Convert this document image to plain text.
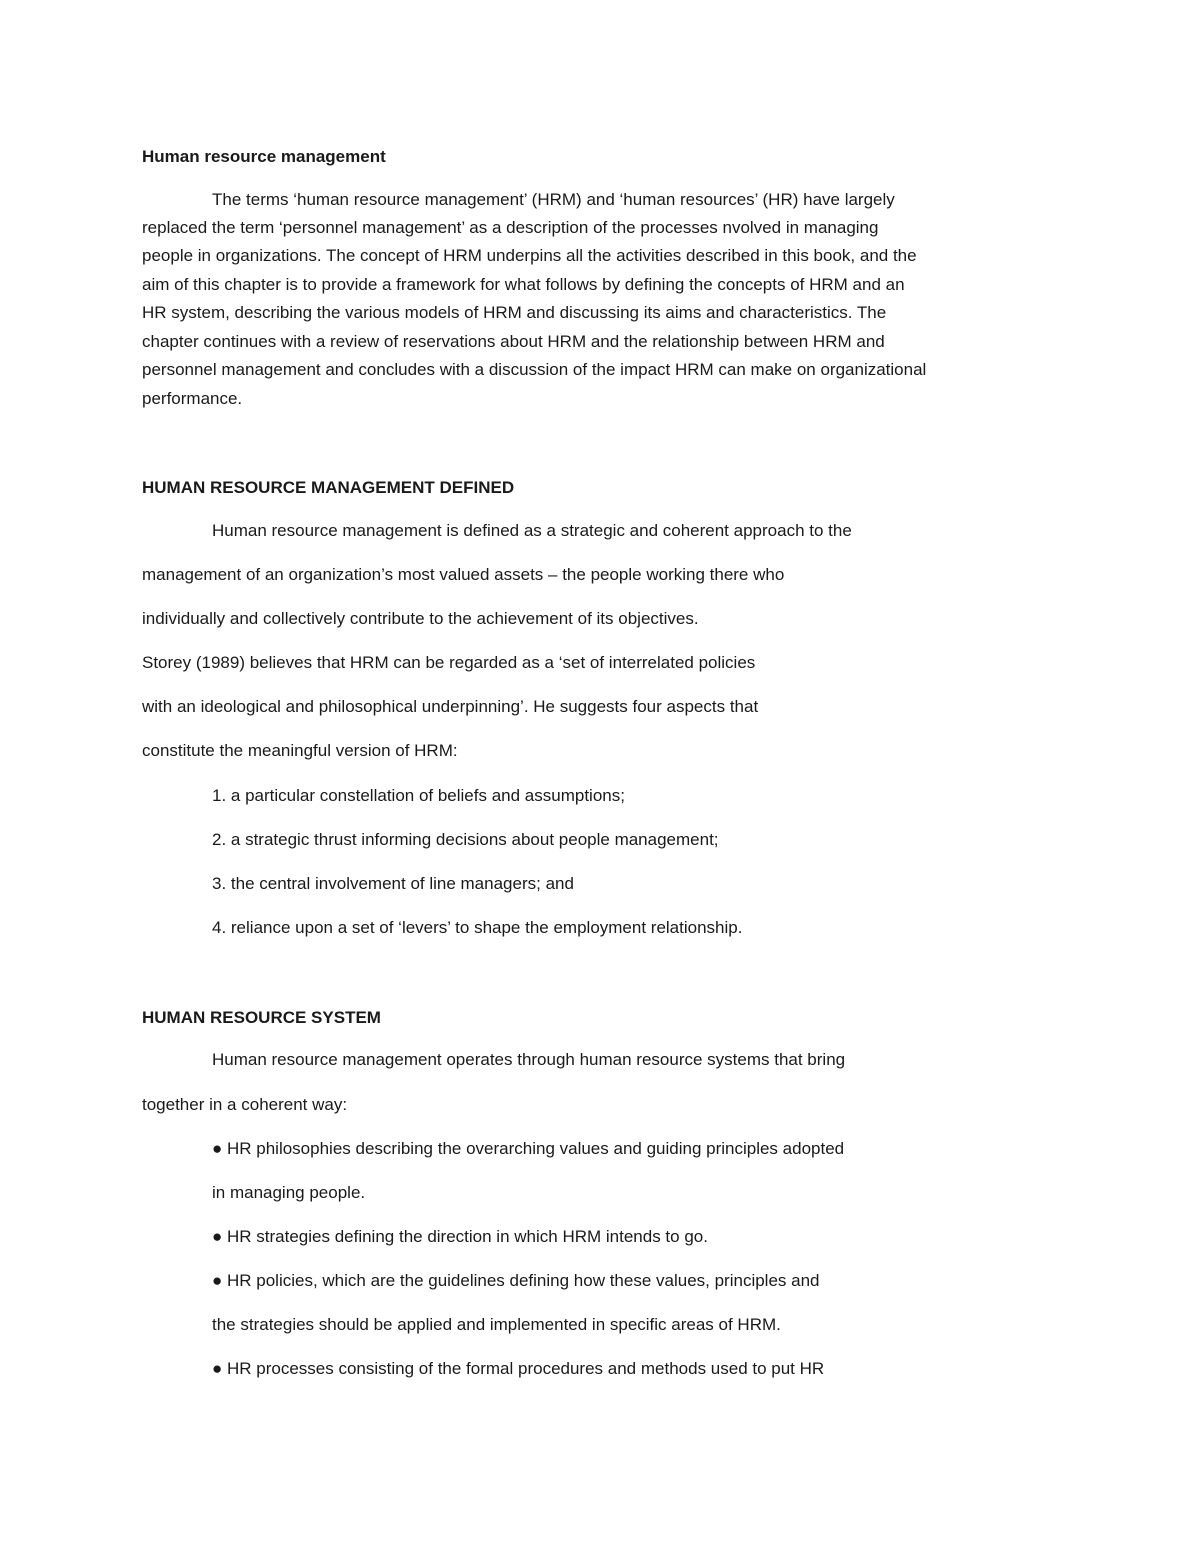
Human resource management
The terms ‘human resource management’ (HRM) and ‘human resources’ (HR) have largely
replaced the term ‘personnel management’ as a description of the processes nvolved in managing
people in organizations. The concept of HRM underpins all the activities described in this book, and the
aim of this chapter is to provide a framework for what follows by defining the concepts of HRM and an
HR system, describing the various models of HRM and discussing its aims and characteristics. The
chapter continues with a review of reservations about HRM and the relationship between HRM and
personnel management and concludes with a discussion of the impact HRM can make on organizational
performance.
HUMAN RESOURCE MANAGEMENT DEFINED
Human resource management is defined as a strategic and coherent approach to the
management of an organization’s most valued assets – the people working there who
individually and collectively contribute to the achievement of its objectives.
Storey (1989) believes that HRM can be regarded as a ‘set of interrelated policies
with an ideological and philosophical underpinning’. He suggests four aspects that
constitute the meaningful version of HRM:
1. a particular constellation of beliefs and assumptions;
2. a strategic thrust informing decisions about people management;
3. the central involvement of line managers; and
4. reliance upon a set of ‘levers’ to shape the employment relationship.
HUMAN RESOURCE SYSTEM
Human resource management operates through human resource systems that bring
together in a coherent way:
● HR philosophies describing the overarching values and guiding principles adopted
in managing people.
● HR strategies defining the direction in which HRM intends to go.
● HR policies, which are the guidelines defining how these values, principles and
the strategies should be applied and implemented in specific areas of HRM.
● HR processes consisting of the formal procedures and methods used to put HR
